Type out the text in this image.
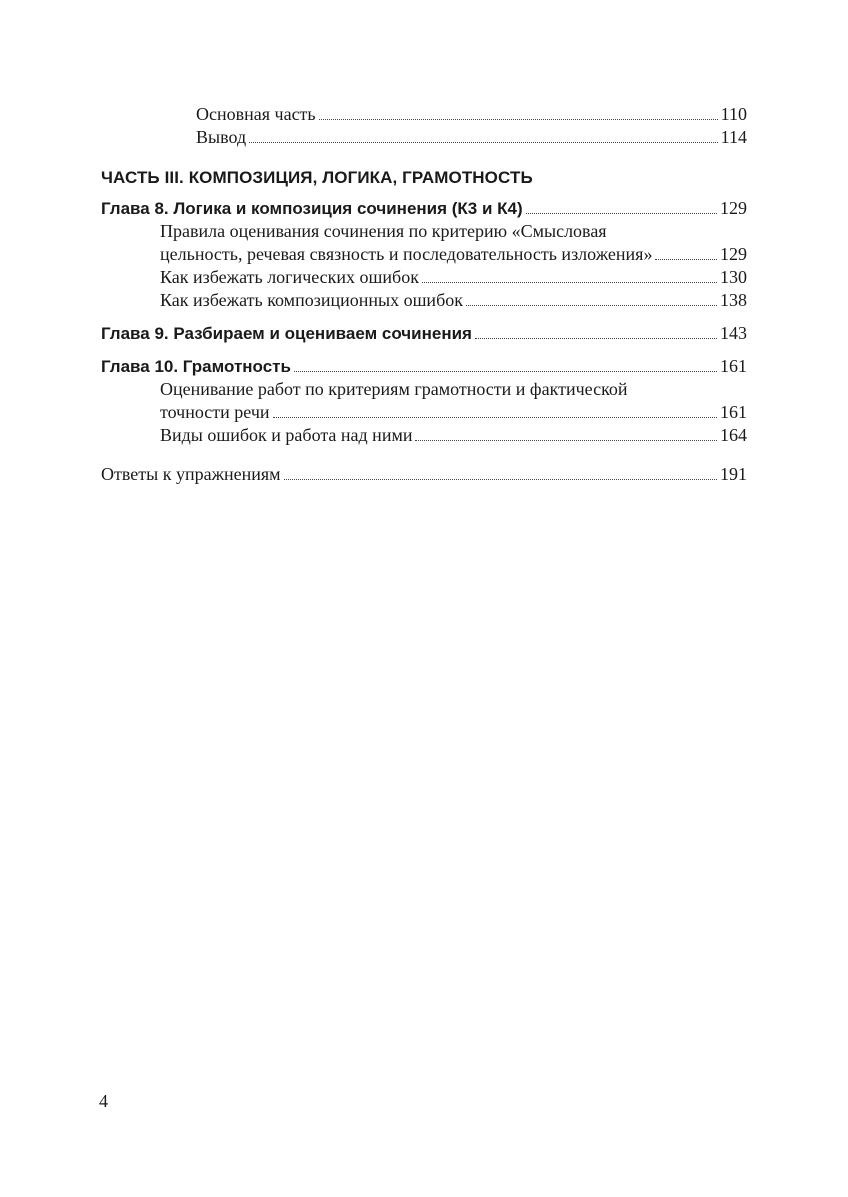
Основная часть	110
Вывод	114
ЧАСТЬ III. КОМПОЗИЦИЯ, ЛОГИКА, ГРАМОТНОСТЬ
Глава 8. Логика и композиция сочинения (К3 и К4)	129
Правила оценивания сочинения по критерию «Смысловая
цельность, речевая связность и последовательность изложения»	129
Как избежать логических ошибок	130
Как избежать композиционных ошибок	138
Глава 9. Разбираем и оцениваем сочинения	143
Глава 10. Грамотность	161
Оценивание работ по критериям грамотности и фактической
точности речи	161
Виды ошибок и работа над ними	164
Ответы к упражнениям	191
4
